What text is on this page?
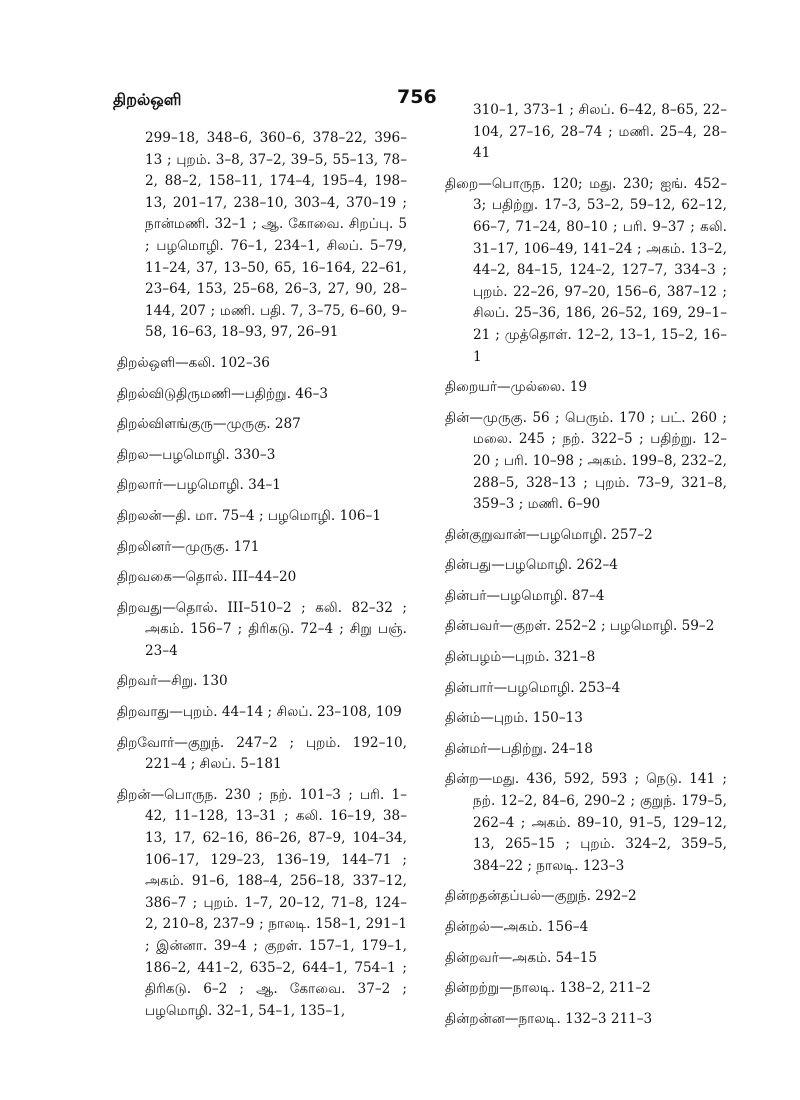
திறல்ஒளி	756

299–18, 348–6, 360–6, 378–22, 396–13 ; புறம். 3–8, 37–2, 39–5, 55–13, 78–2, 88–2, 158–11, 174–4, 195–4, 198–13, 201–17, 238–10, 303–4, 370–19 ; நான்மணி. 32–1 ; ஆ. கோவை. சிறப்பு. 5 ; பழமொழி. 76–1, 234–1, சிலப். 5–79, 11–24, 37, 13–50, 65, 16–164, 22–61, 23–64, 153, 25–68, 26–3, 27, 90, 28–144, 207 ; மணி. பதி. 7, 3–75, 6–60, 9–58, 16–63, 18–93, 97, 26–91

திறல்ஒளி—கலி. 102–36

திறல்விடுதிருமணி—பதிற்று. 46–3

திறல்விளங்குரு—முருகு. 287

திறல—பழமொழி. 330–3

திறலார்—பழமொழி. 34–1

திறலன்—தி. மா. 75–4 ; பழமொழி. 106–1

திறலினர்—முருகு. 171

திறவகை—தொல். III–44–20

திறவது—தொல். III–510–2 ; கலி. 82–32 ; அகம். 156–7 ; திரிகடு. 72–4 ; சிறு பஞ். 23–4

திறவர்—சிறு. 130

திறவாது—புறம். 44–14 ; சிலப். 23–108, 109

திறவோர்—குறுந். 247–2 ; புறம். 192–10, 221–4 ; சிலப். 5–181

திறன்—பொருந. 230 ; நற். 101–3 ; பரி. 1–42, 11–128, 13–31 ; கலி. 16–19, 38–13, 17, 62–16, 86–26, 87–9, 104–34, 106–17, 129–23, 136–19, 144–71 ; அகம். 91–6, 188–4, 256–18, 337–12, 386–7 ; புறம். 1–7, 20–12, 71–8, 124–2, 210–8, 237–9 ; நாலடி. 158–1, 291–1 ; இன்னா. 39–4 ; குறள். 157–1, 179–1, 186–2, 441–2, 635–2, 644–1, 754–1 ; திரிகடு. 6–2 ; ஆ. கோவை. 37–2 ; பழமொழி. 32–1, 54–1, 135–1,

310–1, 373–1 ; சிலப். 6–42, 8–65, 22–104, 27–16, 28–74 ; மணி. 25–4, 28–41

திறை—பொருந. 120; மது. 230; ஐங். 452–3; பதிற்று. 17–3, 53–2, 59–12, 62–12, 66–7, 71–24, 80–10 ; பரி. 9–37 ; கலி. 31–17, 106–49, 141–24 ; அகம். 13–2, 44–2, 84–15, 124–2, 127–7, 334–3 ; புறம். 22–26, 97–20, 156–6, 387–12 ; சிலப். 25–36, 186, 26–52, 169, 29–1–21 ; முத்தொள். 12–2, 13–1, 15–2, 16–1

திறையர்—முல்லை. 19

தின்—முருகு. 56 ; பெரும். 170 ; பட். 260 ; மலை. 245 ; நற். 322–5 ; பதிற்று. 12–20 ; பரி. 10–98 ; அகம். 199–8, 232–2, 288–5, 328–13 ; புறம். 73–9, 321–8, 359–3 ; மணி. 6–90

தின்குறுவான்—பழமொழி. 257–2

தின்பது—பழமொழி. 262–4

தின்பர்—பழமொழி. 87–4

தின்பவர்—குறள். 252–2 ; பழமொழி. 59–2

தின்பழம்—புறம். 321–8

தின்பார்—பழமொழி. 253–4

தின்ம்—புறம். 150–13

தின்மர்—பதிற்று. 24–18

தின்ற—மது. 436, 592, 593 ; நெடு. 141 ; நற். 12–2, 84–6, 290–2 ; குறுந். 179–5, 262–4 ; அகம். 89–10, 91–5, 129–12, 13, 265–15 ; புறம். 324–2, 359–5, 384–22 ; நாலடி. 123–3

தின்றதன்தப்பல்—குறுந். 292–2

தின்றல்—அகம். 156–4

தின்றவர்—அகம். 54–15

தின்றற்று—நாலடி. 138–2, 211–2

தின்றன்ன—நாலடி. 132–3 211–3
